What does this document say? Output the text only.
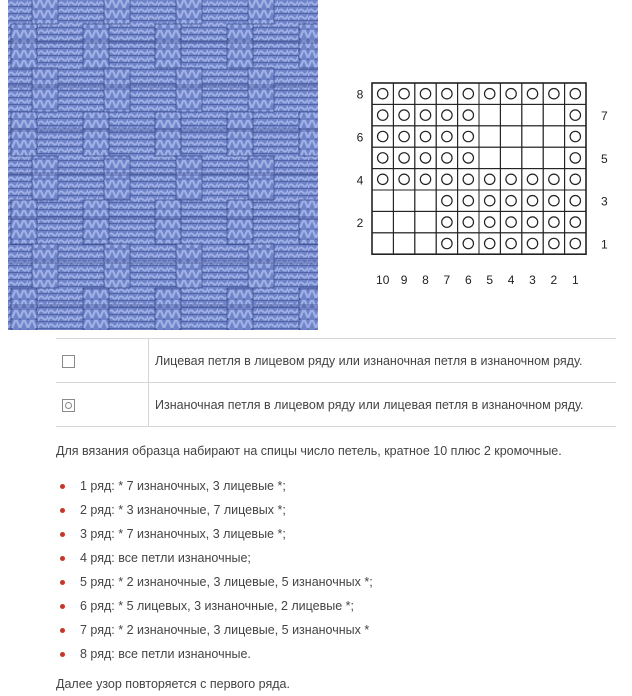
8
6
4
2
7
5
3
1
10 9 8 7 6 5 4 3 2 1
	Лицевая петля в лицевом ряду или изнаночная петля в изнаночном ряду.
	Изнаночная петля в лицевом ряду или лицевая петля в изнаночном ряду.

Для вязания образца набирают на спицы число петель, кратное 10 плюс 2 кромочные.

1 ряд: * 7 изнаночных, 3 лицевые *;
2 ряд: * 3 изнаночные, 7 лицевых *;
3 ряд: * 7 изнаночных, 3 лицевые *;
4 ряд: все петли изнаночные;
5 ряд: * 2 изнаночные, 3 лицевые, 5 изнаночных *;
6 ряд: * 5 лицевых, 3 изнаночные, 2 лицевые *;
7 ряд: * 2 изнаночные, 3 лицевые, 5 изнаночных *
8 ряд: все петли изнаночные.

Далее узор повторяется с первого ряда.
